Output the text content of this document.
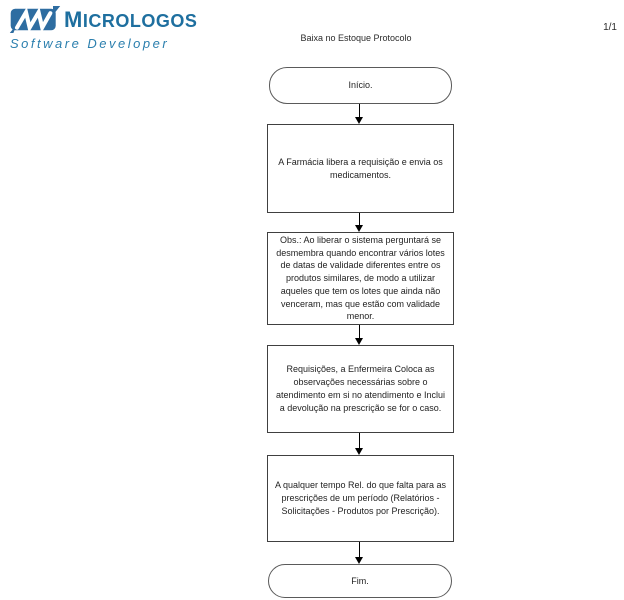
MICROLOGOS
Software Developer	Baixa no Estoque Protocolo
1/1
Início.
A Farmácia libera a requisição e envia os medicamentos.
Obs.: Ao liberar o sistema perguntará se desmembra quando encontrar vários lotes de datas de validade diferentes entre os produtos similares, de modo a utilizar aqueles que tem os lotes que ainda não venceram, mas que estão com validade menor.
Requisições, a Enfermeira Coloca as observações necessárias sobre o atendimento em si no atendimento e Inclui a devolução na prescrição se for o caso.
A qualquer tempo Rel. do que falta para as prescrições de um período (Relatórios - Solicitações - Produtos por Prescrição).
Fim.
